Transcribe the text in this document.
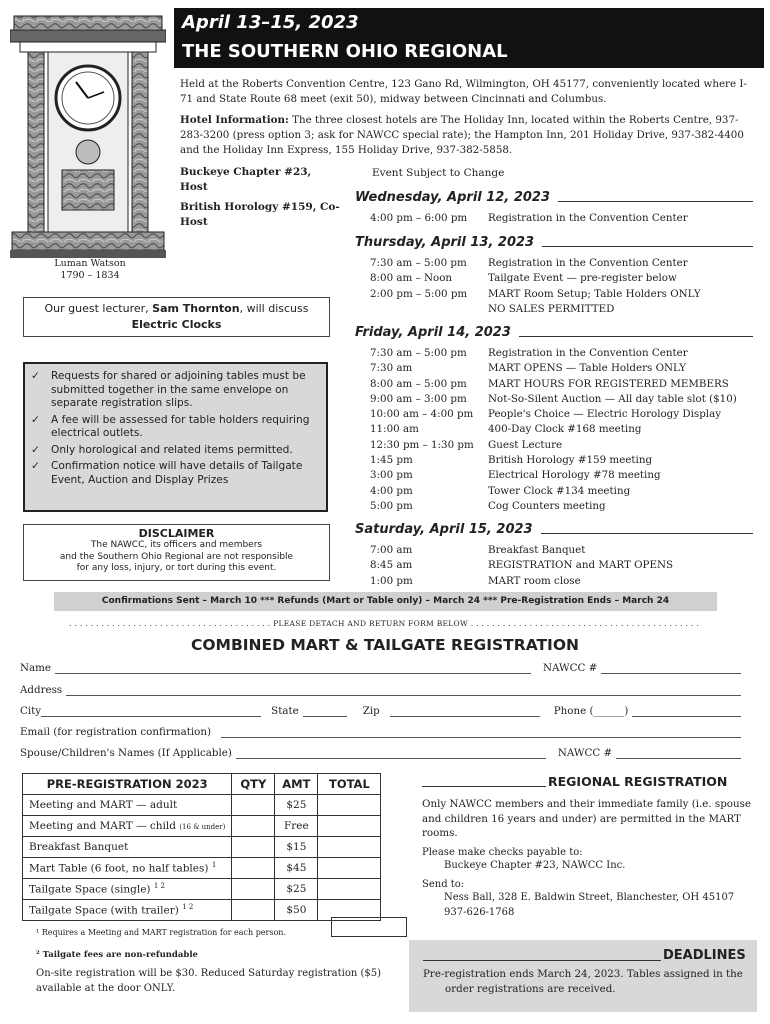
April 13–15, 2023
THE SOUTHERN OHIO REGIONAL
Luman Watson
1790 – 1834
Held at the Roberts Convention Centre, 123 Gano Rd, Wilmington, OH 45177, conveniently located where I-71 and State Route 68 meet (exit 50), midway between Cincinnati and Columbus.
Hotel Information: The three closest hotels are The Holiday Inn, located within the Roberts Centre, 937-283-3200 (press option 3; ask for NAWCC special rate); the Hampton Inn, 201 Holiday Drive, 937-382-4400 and the Holiday Inn Express, 155 Holiday Drive, 937-382-5858.
Buckeye Chapter #23, Host
British Horology #159, Co-Host
Event Subject to Change
Wednesday, April 12, 2023
4:00 pm – 6:00 pm	Registration in the Convention Center
Thursday, April 13, 2023
7:30 am – 5:00 pm	Registration in the Convention Center
8:00 am – Noon	Tailgate Event — pre-register below
2:00 pm – 5:00 pm	MART Room Setup; Table Holders ONLY
NO SALES PERMITTED
Friday, April 14, 2023
7:30 am – 5:00 pm	Registration in the Convention Center
7:30 am	MART OPENS — Table Holders ONLY
8:00 am – 5:00 pm	MART HOURS FOR REGISTERED MEMBERS
9:00 am – 3:00 pm	Not-So-Silent Auction — All day table slot ($10)
10:00 am – 4:00 pm	People's Choice — Electric Horology Display
11:00 am	400-Day Clock #168 meeting
12:30 pm – 1:30 pm	Guest Lecture
1:45 pm	British Horology #159 meeting
3:00 pm	Electrical Horology #78 meeting
4:00 pm	Tower Clock #134 meeting
5:00 pm	Cog Counters meeting
Saturday, April 15, 2023
7:00 am	Breakfast Banquet
8:45 am	REGISTRATION and MART OPENS
1:00 pm	MART room close
Our guest lecturer, Sam Thornton, will discuss
Electric Clocks
✓	Requests for shared or adjoining tables must be submitted together in the same envelope on separate registration slips.
✓	A fee will be assessed for table holders requiring electrical outlets.
✓	Only horological and related items permitted.
✓	Confirmation notice will have details of Tailgate Event, Auction and Display Prizes
DISCLAIMER
The NAWCC, its officers and members
and the Southern Ohio Regional are not responsible
for any loss, injury, or tort during this event.
Confirmations Sent – March 10 *** Refunds (Mart or Table only) – March 24 *** Pre-Registration Ends – March 24
. . . . . . . . . . . . . . . . . . . . . . . . . . . . . . . . . . . . . . PLEASE DETACH AND RETURN FORM BELOW . . . . . . . . . . . . . . . . . . . . . . . . . . . . . . . . . . . . . . . . . . .
COMBINED MART & TAILGATE REGISTRATION
Name	NAWCC #
Address
City	State	Zip	Phone (______)
Email (for registration confirmation)
Spouse/Children's Names (If Applicable)	NAWCC #
PRE-REGISTRATION 2023	QTY	AMT	TOTAL
Meeting and MART — adult		$25	
Meeting and MART — child (16 & under)		Free	
Breakfast Banquet		$15	
Mart Table (6 foot, no half tables) $^1$		$45	
Tailgate Space (single) $^{1 2}$		$25	
Tailgate Space (with trailer) $^{1 2}$		$50	
¹ Requires a Meeting and MART registration for each person.
² Tailgate fees are non-refundable
On-site registration will be $30. Reduced Saturday registration ($5) available at the door ONLY.
REGIONAL REGISTRATION
Only NAWCC members and their immediate family (i.e. spouse and children 16 years and under) are permitted in the MART rooms.
Please make checks payable to:
Buckeye Chapter #23, NAWCC Inc.
Send to:
Ness Ball, 328 E. Baldwin Street, Blanchester, OH 45107
937-626-1768
DEADLINES
Pre-registration ends March 24, 2023. Tables assigned in the
order registrations are received.
